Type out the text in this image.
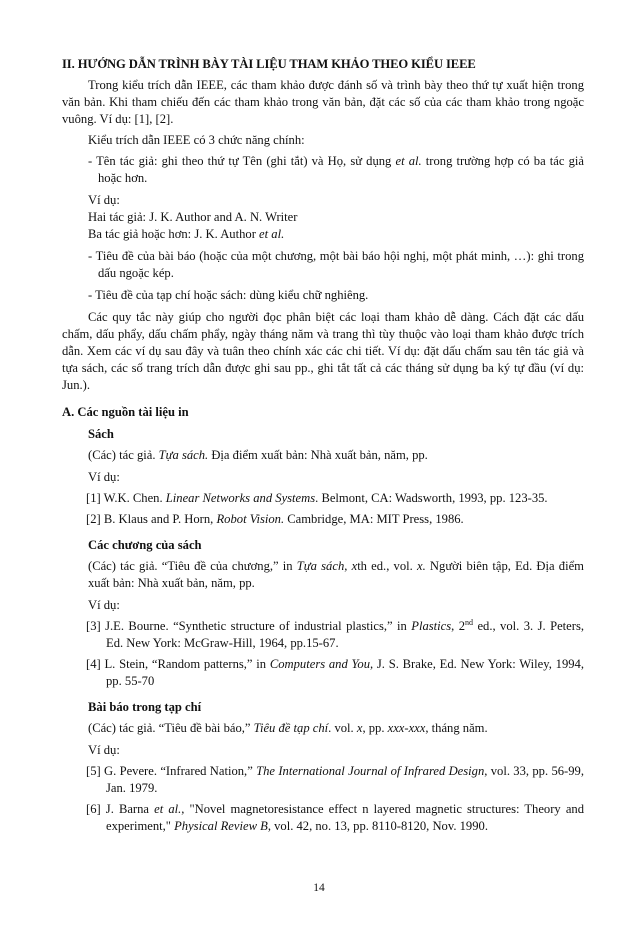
II. HƯỚNG DẪN TRÌNH BÀY TÀI LIỆU THAM KHẢO THEO KIỂU IEEE

Trong kiểu trích dẫn IEEE, các tham khảo được đánh số và trình bày theo thứ tự xuất hiện trong văn bản. Khi tham chiếu đến các tham khảo trong văn bản, đặt các số của các tham khảo trong ngoặc vuông. Ví dụ: [1], [2].

Kiểu trích dẫn IEEE có 3 chức năng chính:

- Tên tác giả: ghi theo thứ tự Tên (ghi tắt) và Họ, sử dụng et al. trong trường hợp có ba tác giả hoặc hơn.

Ví dụ:

Hai tác giả: J. K. Author and A. N. Writer

Ba tác giả hoặc hơn: J. K. Author et al.

- Tiêu đề của bài báo (hoặc của một chương, một bài báo hội nghị, một phát minh, …): ghi trong dấu ngoặc kép.

- Tiêu đề của tạp chí hoặc sách: dùng kiểu chữ nghiêng.

Các quy tắc này giúp cho người đọc phân biệt các loại tham khảo dễ dàng. Cách đặt các dấu chấm, dấu phẩy, dấu chấm phẩy, ngày tháng năm và trang thì tùy thuộc vào loại tham khảo được trích dẫn. Xem các ví dụ sau đây và tuân theo chính xác các chi tiết. Ví dụ: đặt dấu chấm sau tên tác giả và tựa sách, các số trang trích dẫn được ghi sau pp., ghi tắt tất cả các tháng sử dụng ba ký tự đầu (ví dụ: Jun.).

A. Các nguồn tài liệu in

Sách

(Các) tác giả. Tựa sách. Địa điểm xuất bản: Nhà xuất bản, năm, pp.

Ví dụ:

[1] W.K. Chen. Linear Networks and Systems. Belmont, CA: Wadsworth, 1993, pp. 123-35.

[2] B. Klaus and P. Horn, Robot Vision. Cambridge, MA: MIT Press, 1986.

Các chương của sách

(Các) tác giả. “Tiêu đề của chương,” in Tựa sách, xth ed., vol. x. Người biên tập, Ed. Địa điểm xuất bản: Nhà xuất bản, năm, pp.

Ví dụ:

[3] J.E. Bourne. “Synthetic structure of industrial plastics,” in Plastics, 2nd ed., vol. 3. J. Peters, Ed. New York: McGraw-Hill, 1964, pp.15-67.

[4] L. Stein, “Random patterns,” in Computers and You, J. S. Brake, Ed. New York: Wiley, 1994, pp. 55-70

Bài báo trong tạp chí

(Các) tác giả. “Tiêu đề bài báo,” Tiêu đề tạp chí. vol. x, pp. xxx-xxx, tháng năm.

Ví dụ:

[5] G. Pevere. “Infrared Nation,” The International Journal of Infrared Design, vol. 33, pp. 56-99, Jan. 1979.

[6] J. Barna et al., "Novel magnetoresistance effect n layered magnetic structures: Theory and experiment," Physical Review B, vol. 42, no. 13, pp. 8110-8120, Nov. 1990.

14
